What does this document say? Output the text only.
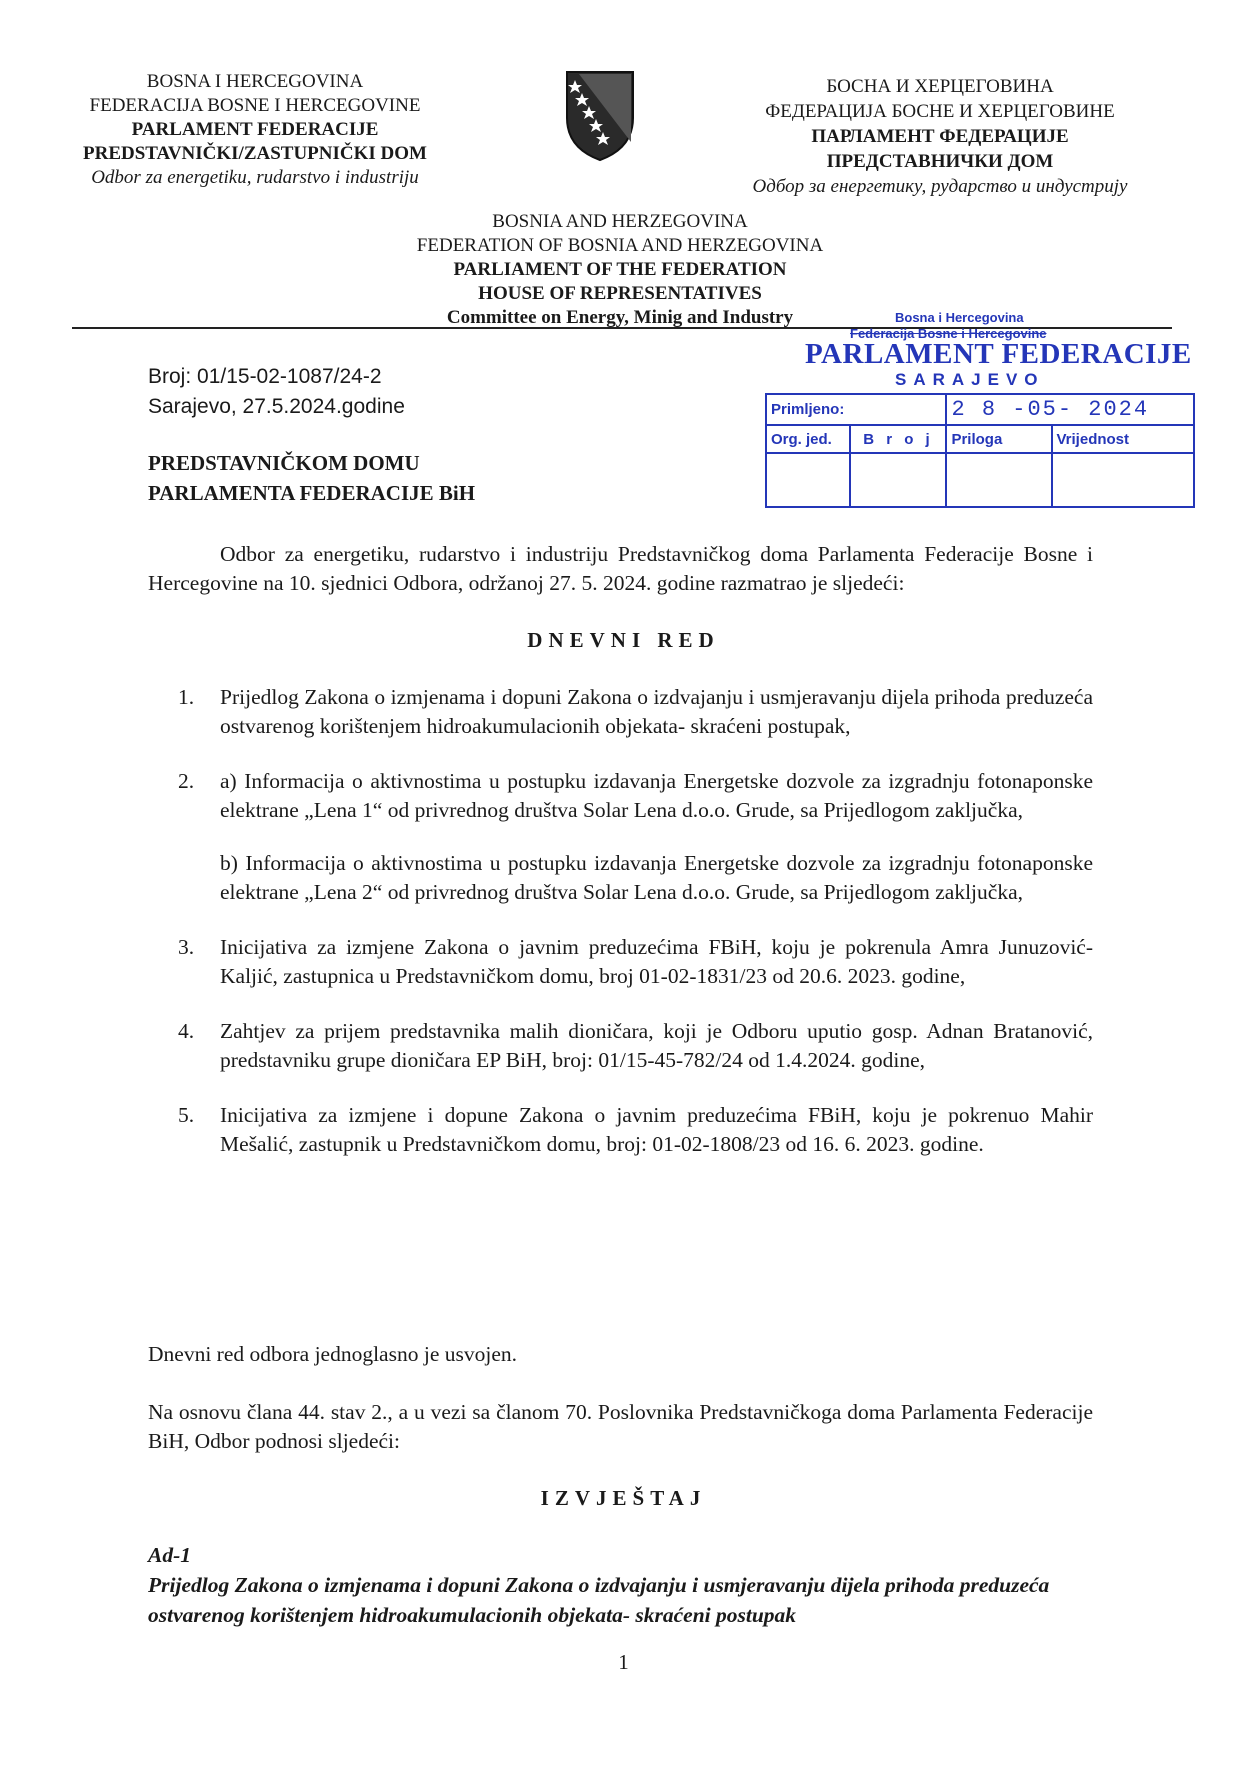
BOSNA I HERCEGOVINA
FEDERACIJA BOSNE I HERCEGOVINE
PARLAMENT FEDERACIJE
PREDSTAVNIČKI/ZASTUPNIČKI DOM
Odbor za energetiku, rudarstvo i industriju
БОСНА И ХЕРЦЕГОВИНА
ФЕДЕРАЦИЈА БОСНЕ И ХЕРЦЕГОВИНЕ
ПАРЛАМЕНТ ФЕДЕРАЦИЈЕ
ПРЕДСТАВНИЧКИ ДОМ
Одбор за енергетику, рударство и индустрију
BOSNIA AND HERZEGOVINA
FEDERATION OF BOSNIA AND HERZEGOVINA
PARLIAMENT OF THE FEDERATION
HOUSE OF REPRESENTATIVES
Committee on Energy, Minig and Industry
Broj: 01/15-02-1087/24-2
Sarajevo, 27.5.2024.godine
PREDSTAVNIČKOM DOMU
PARLAMENTA FEDERACIJE BiH
Bosna i Hercegovina
Federacija Bosne i Hercegovine
PARLAMENT FEDERACIJE
SARAJEVO
Primljeno:		2 8 -05- 2024	
Org. jed.	B r o j	Priloga	Vrijednost

Odbor za energetiku, rudarstvo i industriju Predstavničkog doma Parlamenta Federacije Bosne i Hercegovine na 10. sjednici Odbora, održanoj 27. 5. 2024. godine razmatrao je sljedeći:
DNEVNI RED
1. Prijedlog Zakona o izmjenama i dopuni Zakona o izdvajanju i usmjeravanju dijela prihoda preduzeća ostvarenog korištenjem hidroakumulacionih objekata- skraćeni postupak,

2. a) Informacija o aktivnostima u postupku izdavanja Energetske dozvole za izgradnju fotonaponske elektrane „Lena 1“ od privrednog društva Solar Lena d.o.o. Grude, sa Prijedlogom zaključka,

b) Informacija o aktivnostima u postupku izdavanja Energetske dozvole za izgradnju fotonaponske elektrane „Lena 2“ od privrednog društva Solar Lena d.o.o. Grude, sa Prijedlogom zaključka,

3. Inicijativa za izmjene Zakona o javnim preduzećima FBiH, koju je pokrenula Amra Junuzović- Kaljić, zastupnica u Predstavničkom domu, broj 01-02-1831/23 od 20.6. 2023. godine,

4. Zahtjev za prijem predstavnika malih dioničara, koji je Odboru uputio gosp. Adnan Bratanović, predstavniku grupe dioničara EP BiH, broj: 01/15-45-782/24 od 1.4.2024. godine,

5. Inicijativa za izmjene i dopune Zakona o javnim preduzećima FBiH, koju je pokrenuo Mahir Mešalić, zastupnik u Predstavničkom domu, broj: 01-02-1808/23 od 16. 6. 2023. godine.

Dnevni red odbora jednoglasno je usvojen.
Na osnovu člana 44. stav 2., a u vezi sa članom 70. Poslovnika Predstavničkoga doma Parlamenta Federacije BiH, Odbor podnosi sljedeći:
IZVJEŠTAJ
Ad-1
Prijedlog Zakona o izmjenama i dopuni Zakona o izdvajanju i usmjeravanju dijela prihoda preduzeća ostvarenog korištenjem hidroakumulacionih objekata- skraćeni postupak
1
